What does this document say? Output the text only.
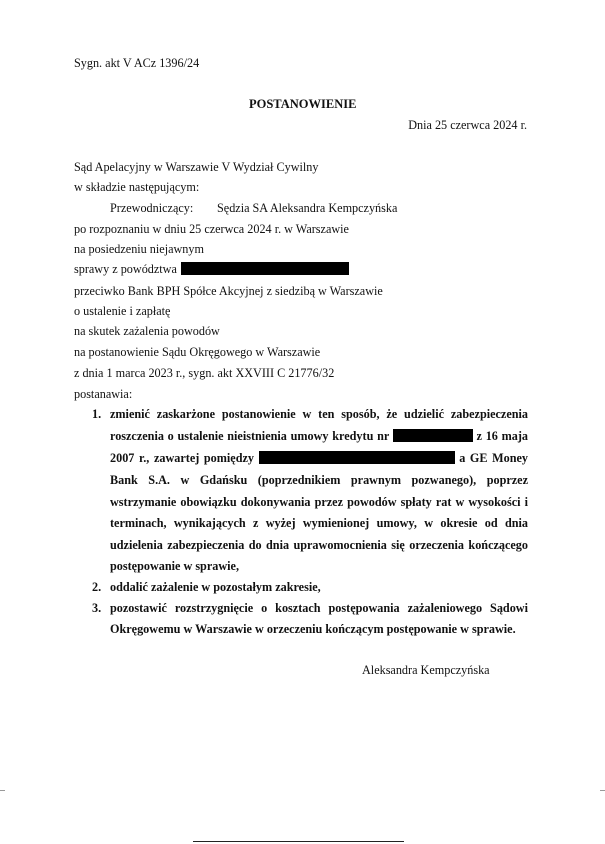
Sygn. akt V ACz 1396/24
POSTANOWIENIE
Dnia 25 czerwca 2024 r.
Sąd Apelacyjny w Warszawie V Wydział Cywilny
w składzie następującym:
Przewodniczący: Sędzia SA Aleksandra Kempczyńska
po rozpoznaniu w dniu 25 czerwca 2024 r. w Warszawie
na posiedzeniu niejawnym
sprawy z powództwa
przeciwko Bank BPH Spółce Akcyjnej z siedzibą w Warszawie
o ustalenie i zapłatę
na skutek zażalenia powodów
na postanowienie Sądu Okręgowego w Warszawie
z dnia 1 marca 2023 r., sygn. akt XXVIII C 21776/32
postanawia:
1. zmienić zaskarżone postanowienie w ten sposób, że udzielić zabezpieczenia
roszczenia o ustalenie nieistnienia umowy kredytu nr	z 16 maja
2007 r., zawartej pomiędzy	a GE Money
Bank S.A. w Gdańsku (poprzednikiem prawnym pozwanego), poprzez
wstrzymanie obowiązku dokonywania przez powodów spłaty rat w wysokości i
terminach, wynikających z wyżej wymienionej umowy, w okresie od dnia
udzielenia zabezpieczenia do dnia uprawomocnienia się orzeczenia kończącego
postępowanie w sprawie,
2. oddalić zażalenie w pozostałym zakresie,
3. pozostawić rozstrzygnięcie o kosztach postępowania zażaleniowego Sądowi
Okręgowemu w Warszawie w orzeczeniu kończącym postępowanie w sprawie.
Aleksandra Kempczyńska
